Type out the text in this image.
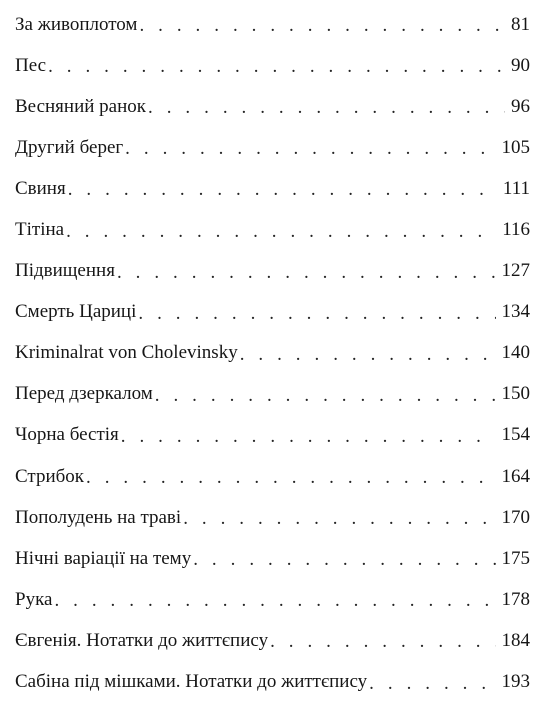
За живоплотом . . .	81
Пес . . .	90
Весняний ранок . . .	96
Другий берег . . .	105
Свиня . . .	111
Тітіна . . .	116
Підвищення . . .	127
Смерть Цариці . . .	134
Kriminalrat von Cholevinsky . . .	140
Перед дзеркалом . . .	150
Чорна бестія . . .	154
Стрибок . . .	164
Пополудень на траві . . .	170
Нічні варіації на тему . . .	175
Рука . . .	178
Євгенія. Нотатки до життєпису . . .	184
Сабіна під мішками. Нотатки до життєпису . . .	193
